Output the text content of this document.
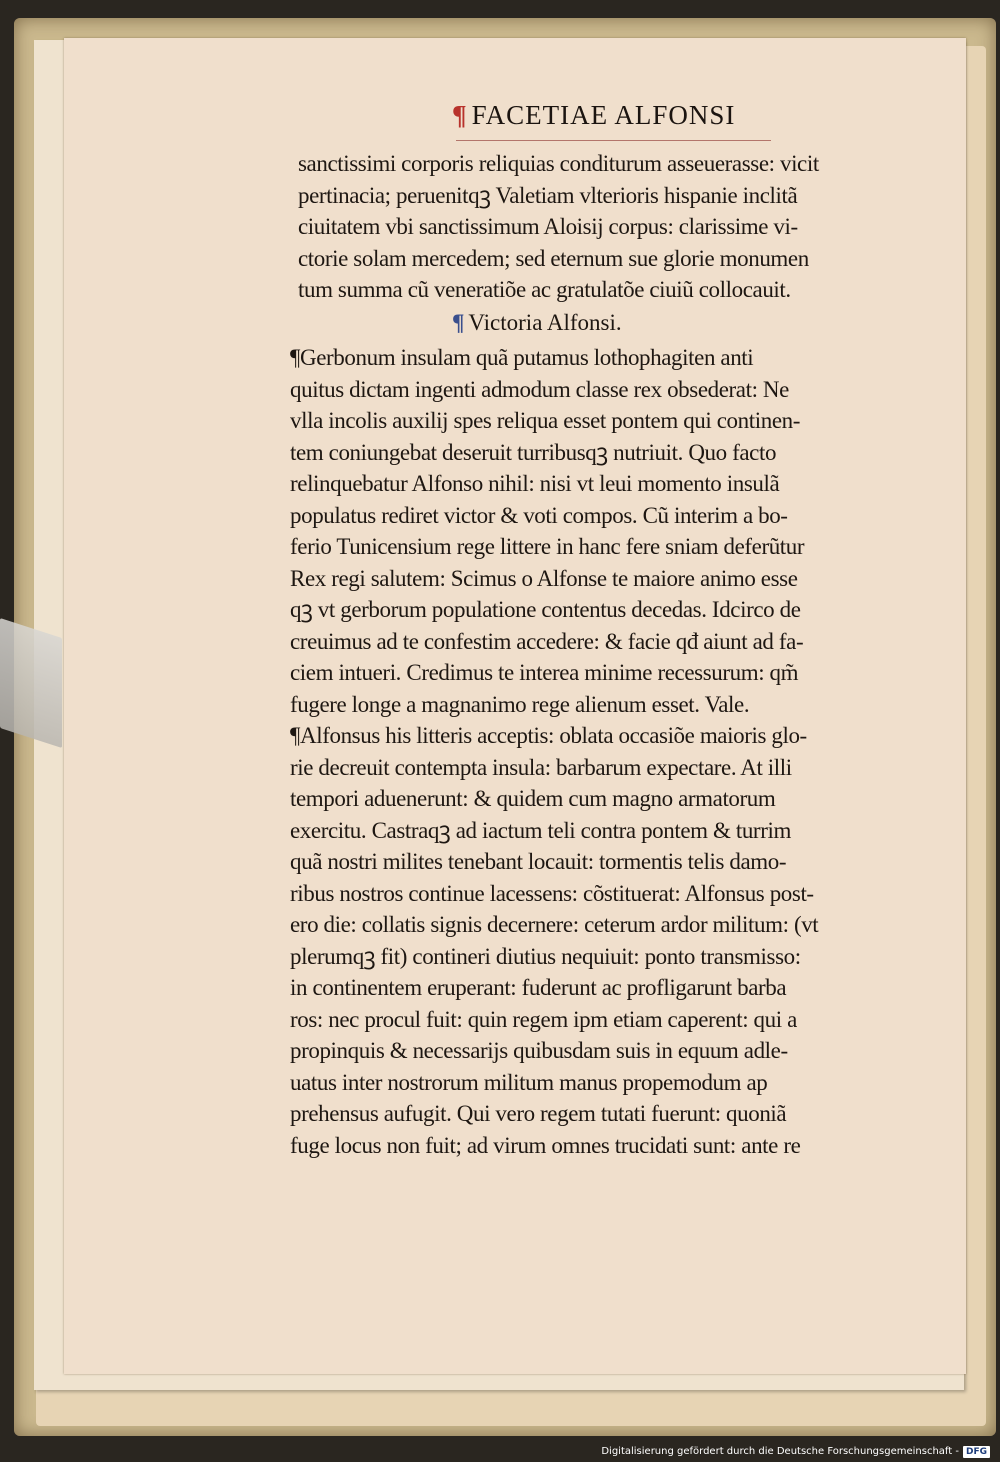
¶ FACETIAE ALFONSI
sanctissimi corporis reliquias conditurum asseuerasse: vicit
pertinacia; peruenitqꝫ Valetiam vlterioris hispanie inclitã
ciuitatem vbi sanctissimum Aloisij corpus: clarissime vi-
ctorie solam mercedem; sed eternum sue glorie monumen
tum summa cũ veneratiõe ac gratulatõe ciuiũ collocauit.
¶ Victoria Alfonsi.
¶Gerbonum insulam quã putamus lothophagiten anti
quitus dictam ingenti admodum classe rex obsederat: Ne
vlla incolis auxilij spes reliqua esset pontem qui continen-
tem coniungebat deseruit turribusqꝫ nutriuit. Quo facto
relinquebatur Alfonso nihil: nisi vt leui momento insulã
populatus rediret victor & voti compos. Cũ interim a bo-
ferio Tunicensium rege littere in hanc fere sniam deferũtur
Rex regi salutem: Scimus o Alfonse te maiore animo esse
qꝫ vt gerborum populatione contentus decedas. Idcirco de
creuimus ad te confestim accedere: & facie qđ aiunt ad fa-
ciem intueri. Credimus te interea minime recessurum: qm̃
fugere longe a magnanimo rege alienum esset. Vale.
¶Alfonsus his litteris acceptis: oblata occasiõe maioris glo-
rie decreuit contempta insula: barbarum expectare. At illi
tempori aduenerunt: & quidem cum magno armatorum
exercitu. Castraqꝫ ad iactum teli contra pontem & turrim
quã nostri milites tenebant locauit: tormentis telis damo-
ribus nostros continue lacessens: cõstituerat: Alfonsus post-
ero die: collatis signis decernere: ceterum ardor militum: (vt
plerumqꝫ fit) contineri diutius nequiuit: ponto transmisso:
in continentem eruperant: fuderunt ac profligarunt barba
ros: nec procul fuit: quin regem ipm etiam caperent: qui a
propinquis & necessarijs quibusdam suis in equum adle-
uatus inter nostrorum militum manus propemodum ap
prehensus aufugit. Qui vero regem tutati fuerunt: quoniã
fuge locus non fuit; ad virum omnes trucidati sunt: ante re
Digitalisierung gefördert durch die Deutsche Forschungsgemeinschaft - DFG
